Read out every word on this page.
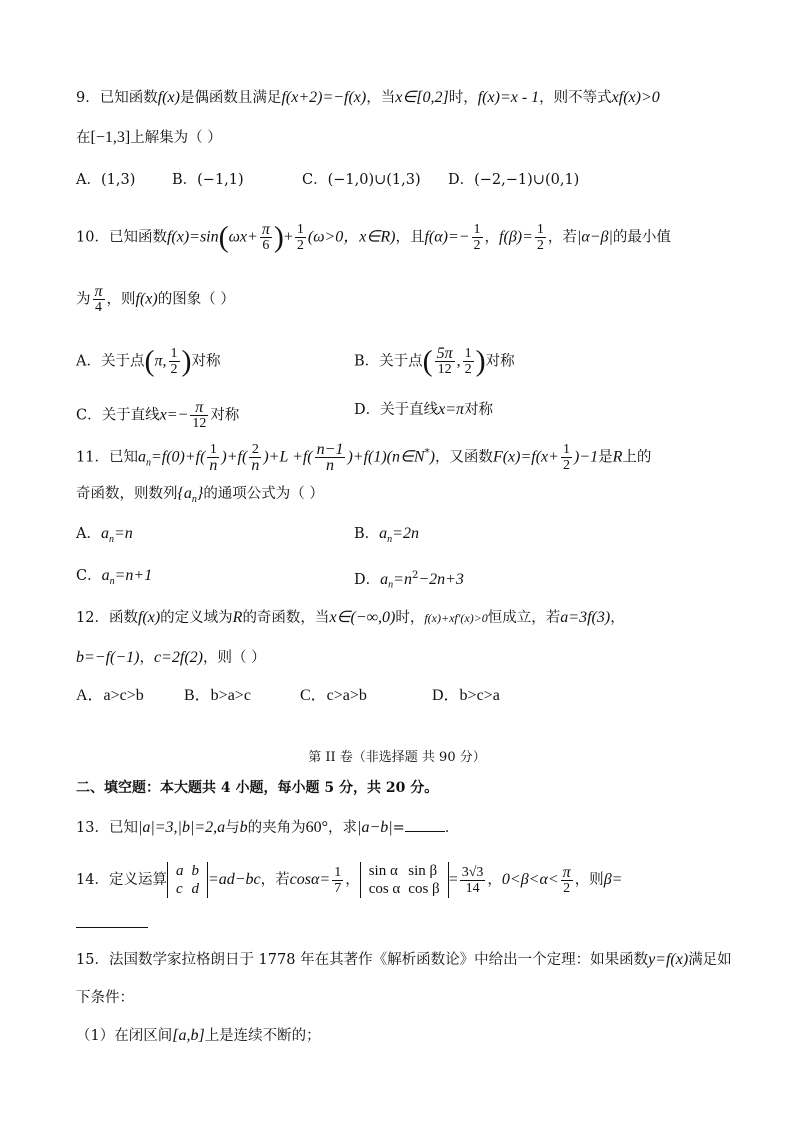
9．已知函数f(x)是偶函数且满足f(x+2)=−f(x)，当x∈[0,2]时，f(x)=x - 1，则不等式xf(x)>0
在[−1,3]上解集为（ ）
A．(1,3)	B．(−1,1)	C．(−1,0)∪(1,3) D．(−2,−1)∪(0,1)
10．已知函数$f(x)=\sin(\omega x+ \frac{\pi}{6}$ )+ $\frac{1}{2} (\omega>0$，x∈R)，且$f(\alpha)=- \frac{1}{2}$ ，$f(\beta)= \frac{1}{2}$ ，若|α−β|的最小值
为 $\frac{\pi}{4}$ ，则f(x)的图象（ ）
A．关于点(π, $\frac{1}{2}$ )对称	B．关于点( $\frac{5\pi}{12}$ , $\frac{1}{2}$ )对称
C．关于直线$x=- \frac{\pi}{12}$ 对称	D．关于直线x=π对称
11．已知$a_n=f(0)+f( \frac{1}{n} )+f( \frac{2}{n} )+L +f( \frac{n-1}{n}$ )+f(1)(n∈N*)，又函数$F(x)=f(x+ \frac{1}{2} )-1$是R上的
奇函数，则数列$\{a_n\}$的通项公式为（ ）
A．$a_n=n$	B．$a_n=2n$
C．$a_n=n+1$	D．$a_n=n^2-2n+3$
12．函数f(x)的定义域为R的奇函数，当x∈(−∞,0)时，f(x)+xf′(x)>0恒成立，若a=3f(3)，
b=−f(−1)，c=2f(2)，则（ ）
A．a>c>b	B．b>a>c	C．c>a>b	D．b>c>a
第 II 卷（非选择题 共 90 分）
二、填空题：本大题共 4 小题，每小题 5 分，共 20 分。
13．已知|a|=3,|b|=2,a与b的夹角为60°，求|a−b|=	．
14．定义运算
a	b
c	d
=ad−bc，若$\cos\alpha= \frac{1}{7}$ ，
sin α	sin β
cos α	cos β
= $\frac{3√3}{14}$ ，$0<\beta<\alpha< \frac{\pi}{2}$ ，则β=
15．法国数学家拉格朗日于 1778 年在其著作《解析函数论》中给出一个定理：如果函数y=f(x)满足如
下条件：
（1）在闭区间[a,b]上是连续不断的；
